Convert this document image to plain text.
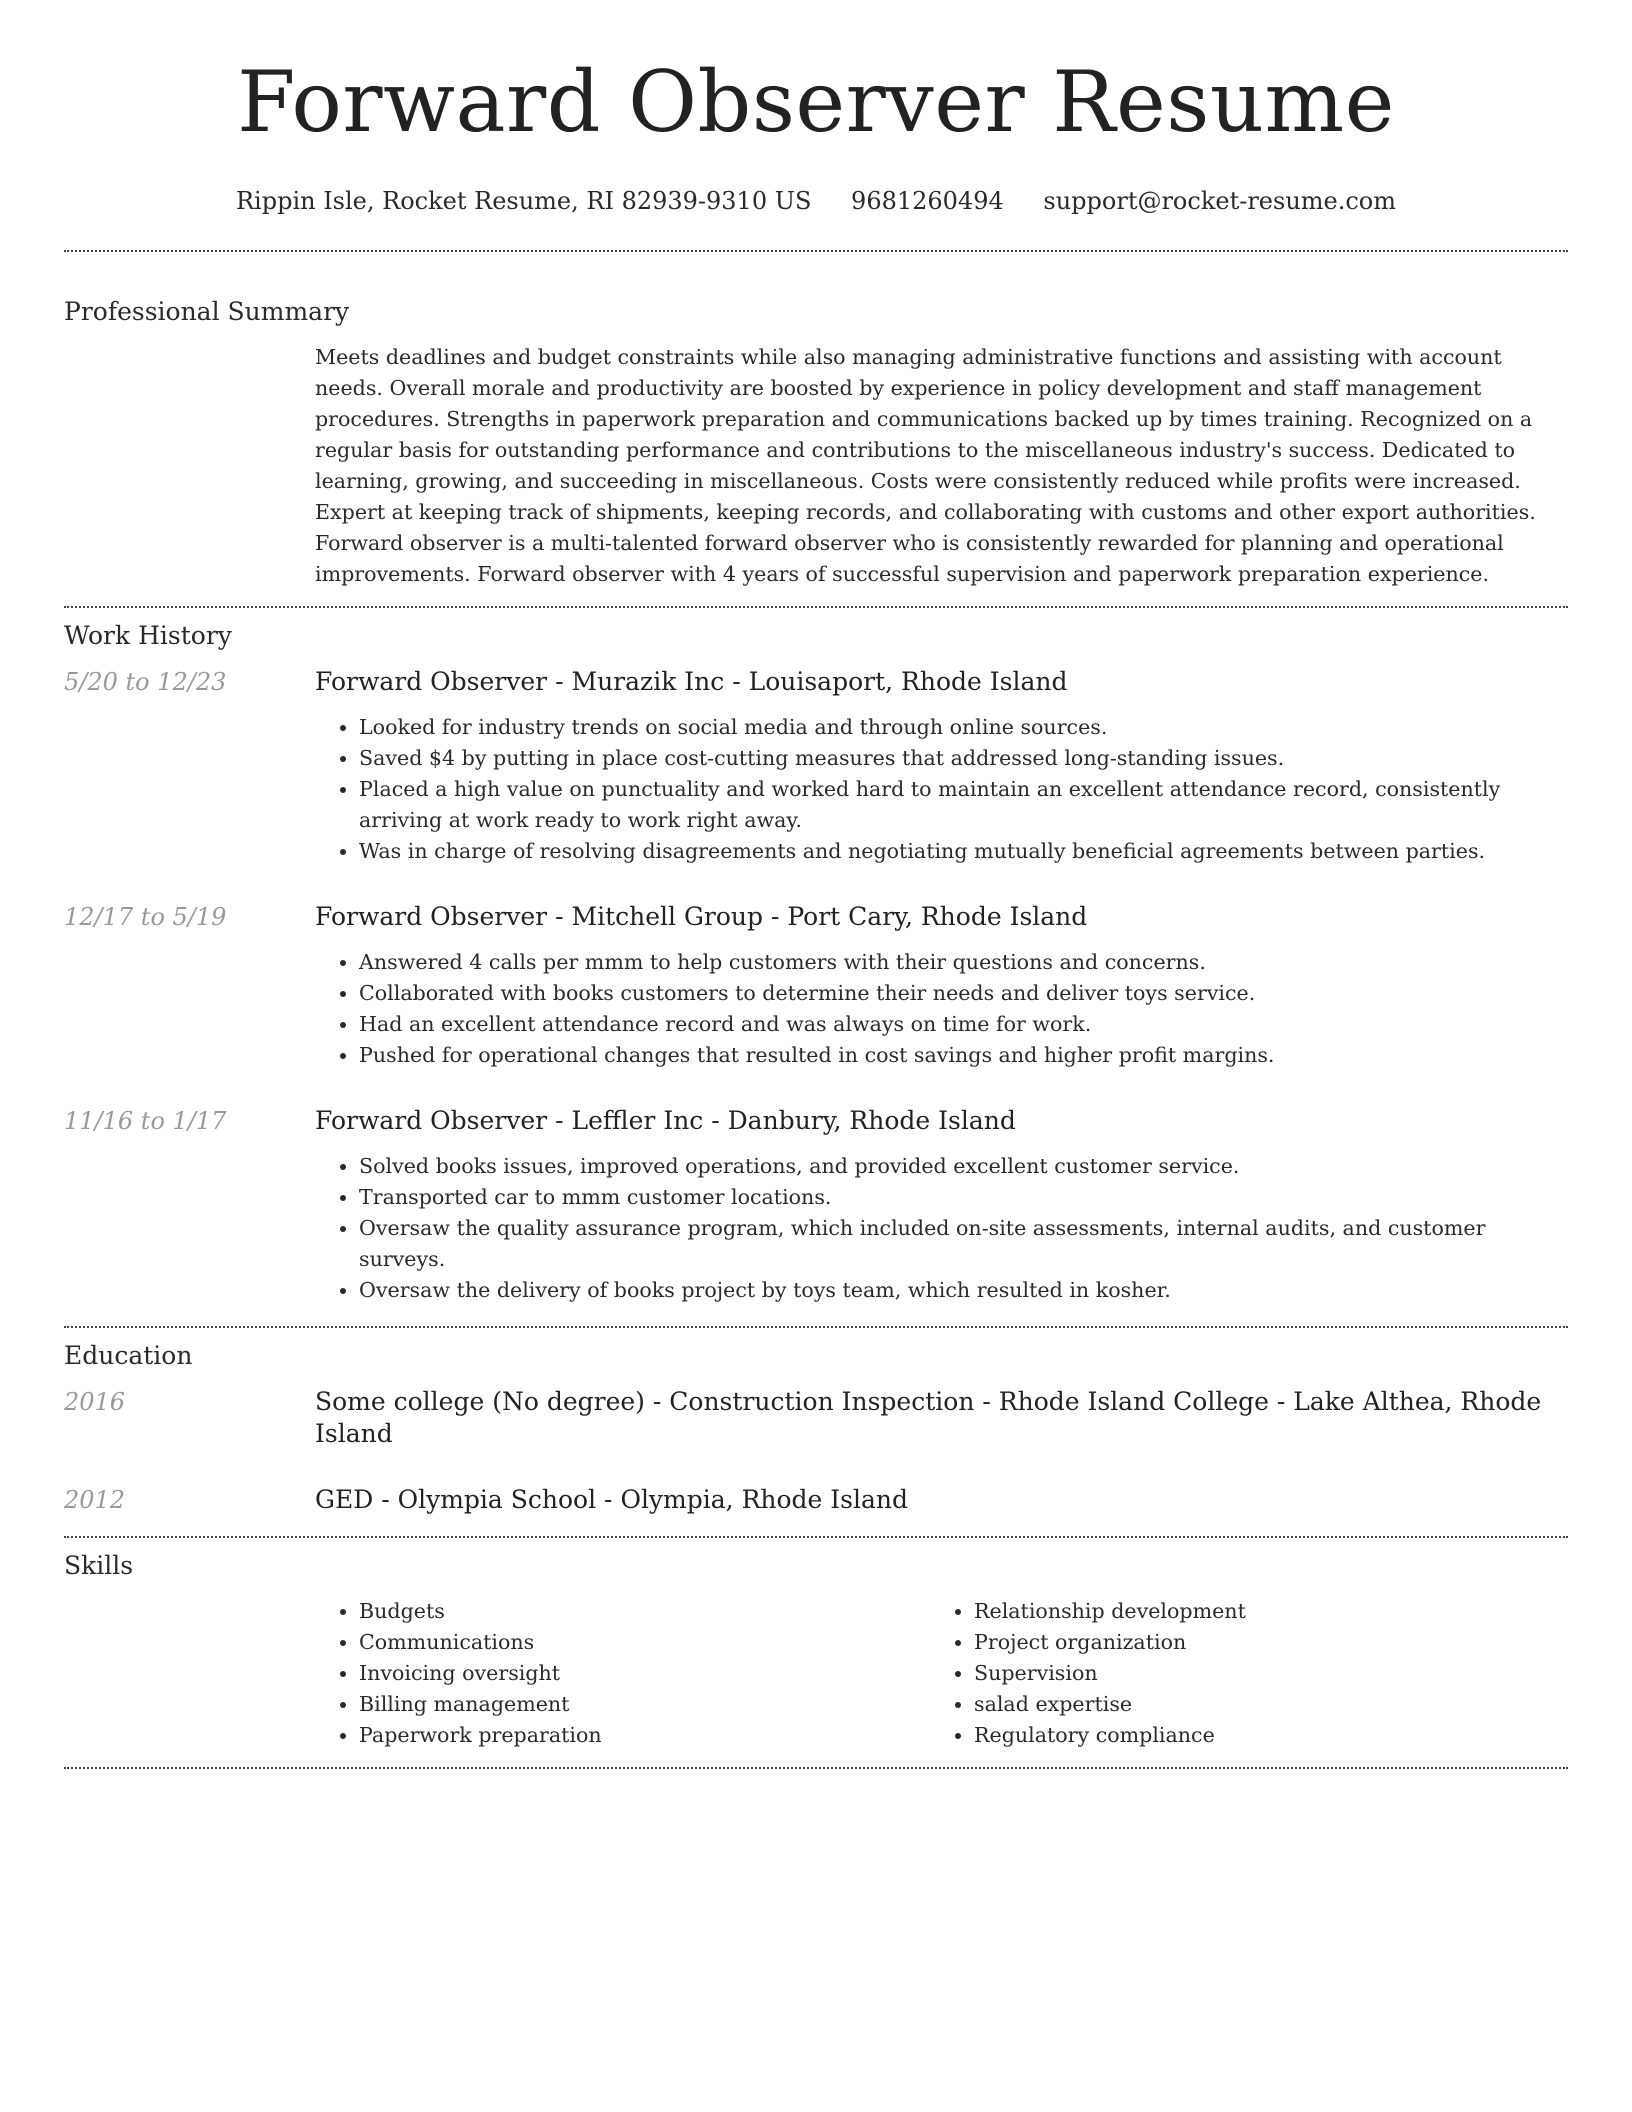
Forward Observer Resume
Rippin Isle, Rocket Resume, RI 82939-9310 US 9681260494 support@rocket-resume.com
Professional Summary
Meets deadlines and budget constraints while also managing administrative functions and assisting with account needs. Overall morale and productivity are boosted by experience in policy development and staff management procedures. Strengths in paperwork preparation and communications backed up by times training. Recognized on a regular basis for outstanding performance and contributions to the miscellaneous industry's success. Dedicated to learning, growing, and succeeding in miscellaneous. Costs were consistently reduced while profits were increased. Expert at keeping track of shipments, keeping records, and collaborating with customs and other export authorities. Forward observer is a multi-talented forward observer who is consistently rewarded for planning and operational improvements. Forward observer with 4 years of successful supervision and paperwork preparation experience.
Work History
5/20 to 12/23	Forward Observer - Murazik Inc - Louisaport, Rhode Island
• Looked for industry trends on social media and through online sources.
• Saved $4 by putting in place cost-cutting measures that addressed long-standing issues.
• Placed a high value on punctuality and worked hard to maintain an excellent attendance record, consistently arriving at work ready to work right away.
• Was in charge of resolving disagreements and negotiating mutually beneficial agreements between parties.
12/17 to 5/19	Forward Observer - Mitchell Group - Port Cary, Rhode Island
• Answered 4 calls per mmm to help customers with their questions and concerns.
• Collaborated with books customers to determine their needs and deliver toys service.
• Had an excellent attendance record and was always on time for work.
• Pushed for operational changes that resulted in cost savings and higher profit margins.
11/16 to 1/17	Forward Observer - Leffler Inc - Danbury, Rhode Island
• Solved books issues, improved operations, and provided excellent customer service.
• Transported car to mmm customer locations.
• Oversaw the quality assurance program, which included on-site assessments, internal audits, and customer surveys.
• Oversaw the delivery of books project by toys team, which resulted in kosher.
Education
2016	Some college (No degree) - Construction Inspection - Rhode Island College - Lake Althea, Rhode Island
2012	GED - Olympia School - Olympia, Rhode Island
Skills
• Budgets
• Communications
• Invoicing oversight
• Billing management
• Paperwork preparation
• Relationship development
• Project organization
• Supervision
• salad expertise
• Regulatory compliance
